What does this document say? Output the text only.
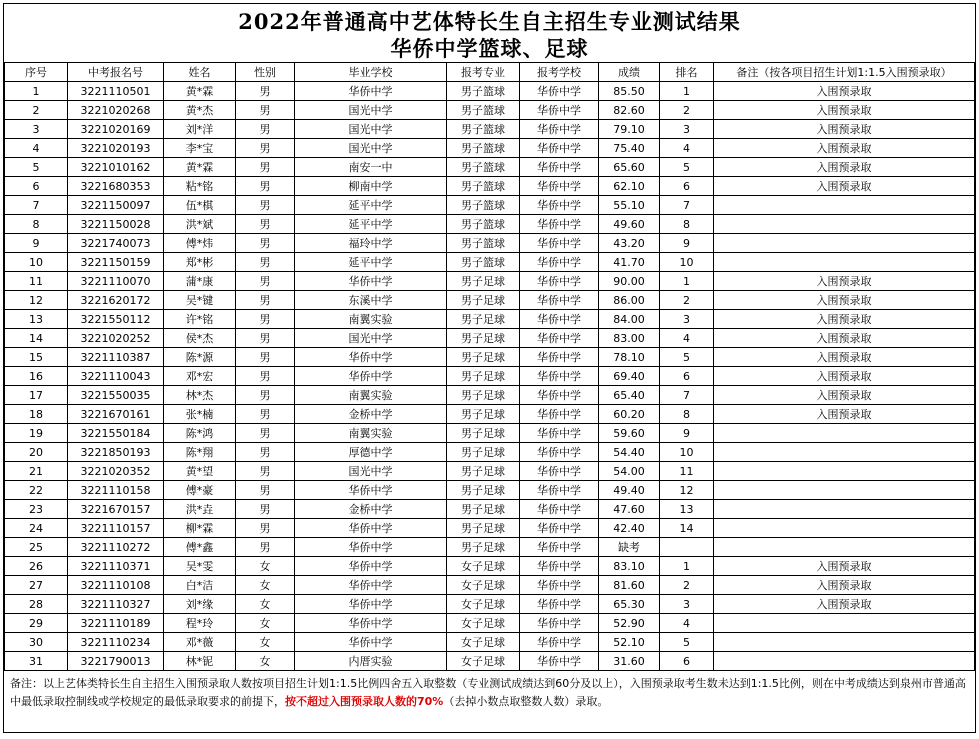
2022年普通高中艺体特长生自主招生专业测试结果
华侨中学篮球、足球
序号	中考报名号	姓名	性别	毕业学校	报考专业	报考学校	成绩	排名	备注（按各项目招生计划1:1.5入围预录取）
1	3221110501	黄*霖	男	华侨中学	男子篮球	华侨中学	85.50	1	入围预录取
2	3221020268	黄*杰	男	国光中学	男子篮球	华侨中学	82.60	2	入围预录取
3	3221020169	刘*洋	男	国光中学	男子篮球	华侨中学	79.10	3	入围预录取
4	3221020193	李*宝	男	国光中学	男子篮球	华侨中学	75.40	4	入围预录取
5	3221010162	黄*霖	男	南安一中	男子篮球	华侨中学	65.60	5	入围预录取
6	3221680353	粘*铭	男	柳南中学	男子篮球	华侨中学	62.10	6	入围预录取
7	3221150097	伍*棋	男	延平中学	男子篮球	华侨中学	55.10	7	
8	3221150028	洪*斌	男	延平中学	男子篮球	华侨中学	49.60	8	
9	3221740073	傅*炜	男	福玲中学	男子篮球	华侨中学	43.20	9	
10	3221150159	郑*彬	男	延平中学	男子篮球	华侨中学	41.70	10	
11	3221110070	蒲*康	男	华侨中学	男子足球	华侨中学	90.00	1	入围预录取
12	3221620172	吴*键	男	东溪中学	男子足球	华侨中学	86.00	2	入围预录取
13	3221550112	许*铭	男	南翼实验	男子足球	华侨中学	84.00	3	入围预录取
14	3221020252	侯*杰	男	国光中学	男子足球	华侨中学	83.00	4	入围预录取
15	3221110387	陈*源	男	华侨中学	男子足球	华侨中学	78.10	5	入围预录取
16	3221110043	邓*宏	男	华侨中学	男子足球	华侨中学	69.40	6	入围预录取
17	3221550035	林*杰	男	南翼实验	男子足球	华侨中学	65.40	7	入围预录取
18	3221670161	张*楠	男	金桥中学	男子足球	华侨中学	60.20	8	入围预录取
19	3221550184	陈*鸿	男	南翼实验	男子足球	华侨中学	59.60	9	
20	3221850193	陈*翔	男	厚德中学	男子足球	华侨中学	54.40	10	
21	3221020352	黄*望	男	国光中学	男子足球	华侨中学	54.00	11	
22	3221110158	傅*豪	男	华侨中学	男子足球	华侨中学	49.40	12	
23	3221670157	洪*垚	男	金桥中学	男子足球	华侨中学	47.60	13	
24	3221110157	柳*霖	男	华侨中学	男子足球	华侨中学	42.40	14	
25	3221110272	傅*鑫	男	华侨中学	男子足球	华侨中学	缺考		
26	3221110371	吴*雯	女	华侨中学	女子足球	华侨中学	83.10	1	入围预录取
27	3221110108	白*洁	女	华侨中学	女子足球	华侨中学	81.60	2	入围预录取
28	3221110327	刘*缘	女	华侨中学	女子足球	华侨中学	65.30	3	入围预录取
29	3221110189	程*玲	女	华侨中学	女子足球	华侨中学	52.90	4	
30	3221110234	邓*薇	女	华侨中学	女子足球	华侨中学	52.10	5	
31	3221790013	林*铌	女	内厝实验	女子足球	华侨中学	31.60	6	
备注：以上艺体类特长生自主招生入围预录取人数按项目招生计划1:1.5比例四舍五入取整数（专业测试成绩达到60分及以上），入围预录取考生数未达到1:1.5比例，则在中考成绩达到泉州市普通高中最低录取控制线或学校规定的最低录取要求的前提下，按不超过入围预录取人数的70%（去掉小数点取整数人数）录取。
